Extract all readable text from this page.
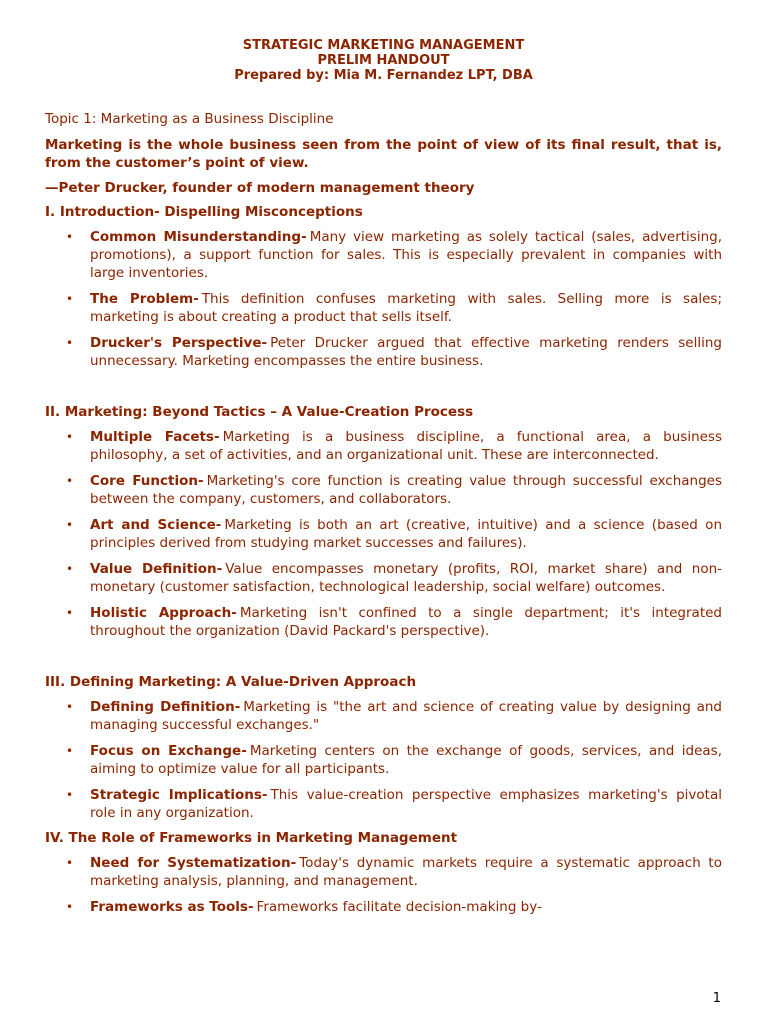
STRATEGIC MARKETING MANAGEMENT
PRELIM HANDOUT
Prepared by: Mia M. Fernandez LPT, DBA
Topic 1: Marketing as a Business Discipline
Marketing is the whole business seen from the point of view of its final result, that is, from the customer’s point of view.
—Peter Drucker, founder of modern management theory
I. Introduction- Dispelling Misconceptions
• Common Misunderstanding- Many view marketing as solely tactical (sales, advertising, promotions), a support function for sales. This is especially prevalent in companies with large inventories.
• The Problem- This definition confuses marketing with sales. Selling more is sales; marketing is about creating a product that sells itself.
• Drucker's Perspective- Peter Drucker argued that effective marketing renders selling unnecessary. Marketing encompasses the entire business.
II. Marketing: Beyond Tactics – A Value-Creation Process
• Multiple Facets- Marketing is a business discipline, a functional area, a business philosophy, a set of activities, and an organizational unit. These are interconnected.
• Core Function- Marketing's core function is creating value through successful exchanges between the company, customers, and collaborators.
• Art and Science- Marketing is both an art (creative, intuitive) and a science (based on principles derived from studying market successes and failures).
• Value Definition- Value encompasses monetary (profits, ROI, market share) and non-monetary (customer satisfaction, technological leadership, social welfare) outcomes.
• Holistic Approach- Marketing isn't confined to a single department; it's integrated throughout the organization (David Packard's perspective).
III. Defining Marketing: A Value-Driven Approach
• Defining Definition- Marketing is "the art and science of creating value by designing and managing successful exchanges."
• Focus on Exchange- Marketing centers on the exchange of goods, services, and ideas, aiming to optimize value for all participants.
• Strategic Implications- This value-creation perspective emphasizes marketing's pivotal role in any organization.
IV. The Role of Frameworks in Marketing Management
• Need for Systematization- Today's dynamic markets require a systematic approach to marketing analysis, planning, and management.
• Frameworks as Tools- Frameworks facilitate decision-making by-
1
